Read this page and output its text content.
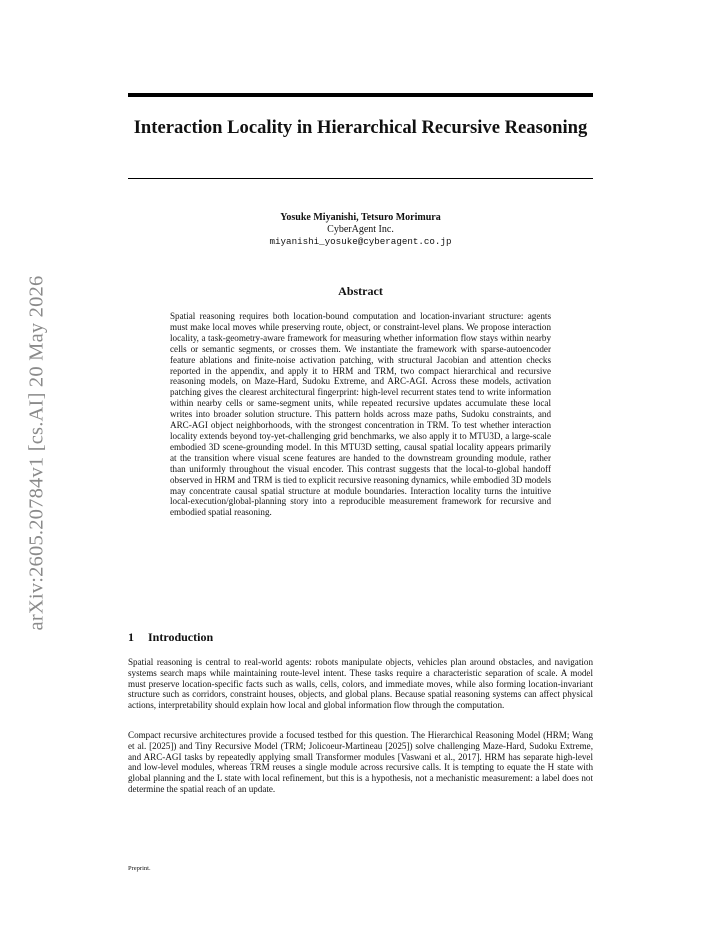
arXiv:2605.20784v1 [cs.AI] 20 May 2026
Interaction Locality in Hierarchical Recursive Reasoning
Yosuke Miyanishi, Tetsuro Morimura
CyberAgent Inc.
miyanishi_yosuke@cyberagent.co.jp
Abstract

Spatial reasoning requires both location-bound computation and location-invariant structure: agents must make local moves while preserving route, object, or constraint-level plans. We propose interaction locality, a task-geometry-aware framework for measuring whether information flow stays within nearby cells or semantic segments, or crosses them. We instantiate the framework with sparse-autoencoder feature ablations and finite-noise activation patching, with structural Jacobian and attention checks reported in the appendix, and apply it to HRM and TRM, two compact hierarchical and recursive reasoning models, on Maze-Hard, Sudoku Extreme, and ARC-AGI. Across these models, activation patching gives the clearest architectural fingerprint: high-level recurrent states tend to write information within nearby cells or same-segment units, while repeated recursive updates accumulate these local writes into broader solution structure. This pattern holds across maze paths, Sudoku constraints, and ARC-AGI object neighborhoods, with the strongest concentration in TRM. To test whether interaction locality extends beyond toy-yet-challenging grid benchmarks, we also apply it to MTU3D, a large-scale embodied 3D scene-grounding model. In this MTU3D setting, causal spatial locality appears primarily at the transition where visual scene features are handed to the downstream grounding module, rather than uniformly throughout the visual encoder. This contrast suggests that the local-to-global handoff observed in HRM and TRM is tied to explicit recursive reasoning dynamics, while embodied 3D models may concentrate causal spatial structure at module boundaries. Interaction locality turns the intuitive local-execution/global-planning story into a reproducible measurement framework for recursive and embodied spatial reasoning.

1 Introduction

Spatial reasoning is central to real-world agents: robots manipulate objects, vehicles plan around obstacles, and navigation systems search maps while maintaining route-level intent. These tasks require a characteristic separation of scale. A model must preserve location-specific facts such as walls, cells, colors, and immediate moves, while also forming location-invariant structure such as corridors, constraint houses, objects, and global plans. Because spatial reasoning systems can affect physical actions, interpretability should explain how local and global information flow through the computation.

Compact recursive architectures provide a focused testbed for this question. The Hierarchical Reasoning Model (HRM; Wang et al. [2025]) and Tiny Recursive Model (TRM; Jolicoeur-Martineau [2025]) solve challenging Maze-Hard, Sudoku Extreme, and ARC-AGI tasks by repeatedly applying small Transformer modules [Vaswani et al., 2017]. HRM has separate high-level and low-level modules, whereas TRM reuses a single module across recursive calls. It is tempting to equate the H state with global planning and the L state with local refinement, but this is a hypothesis, not a mechanistic measurement: a label does not determine the spatial reach of an update.

Preprint.
